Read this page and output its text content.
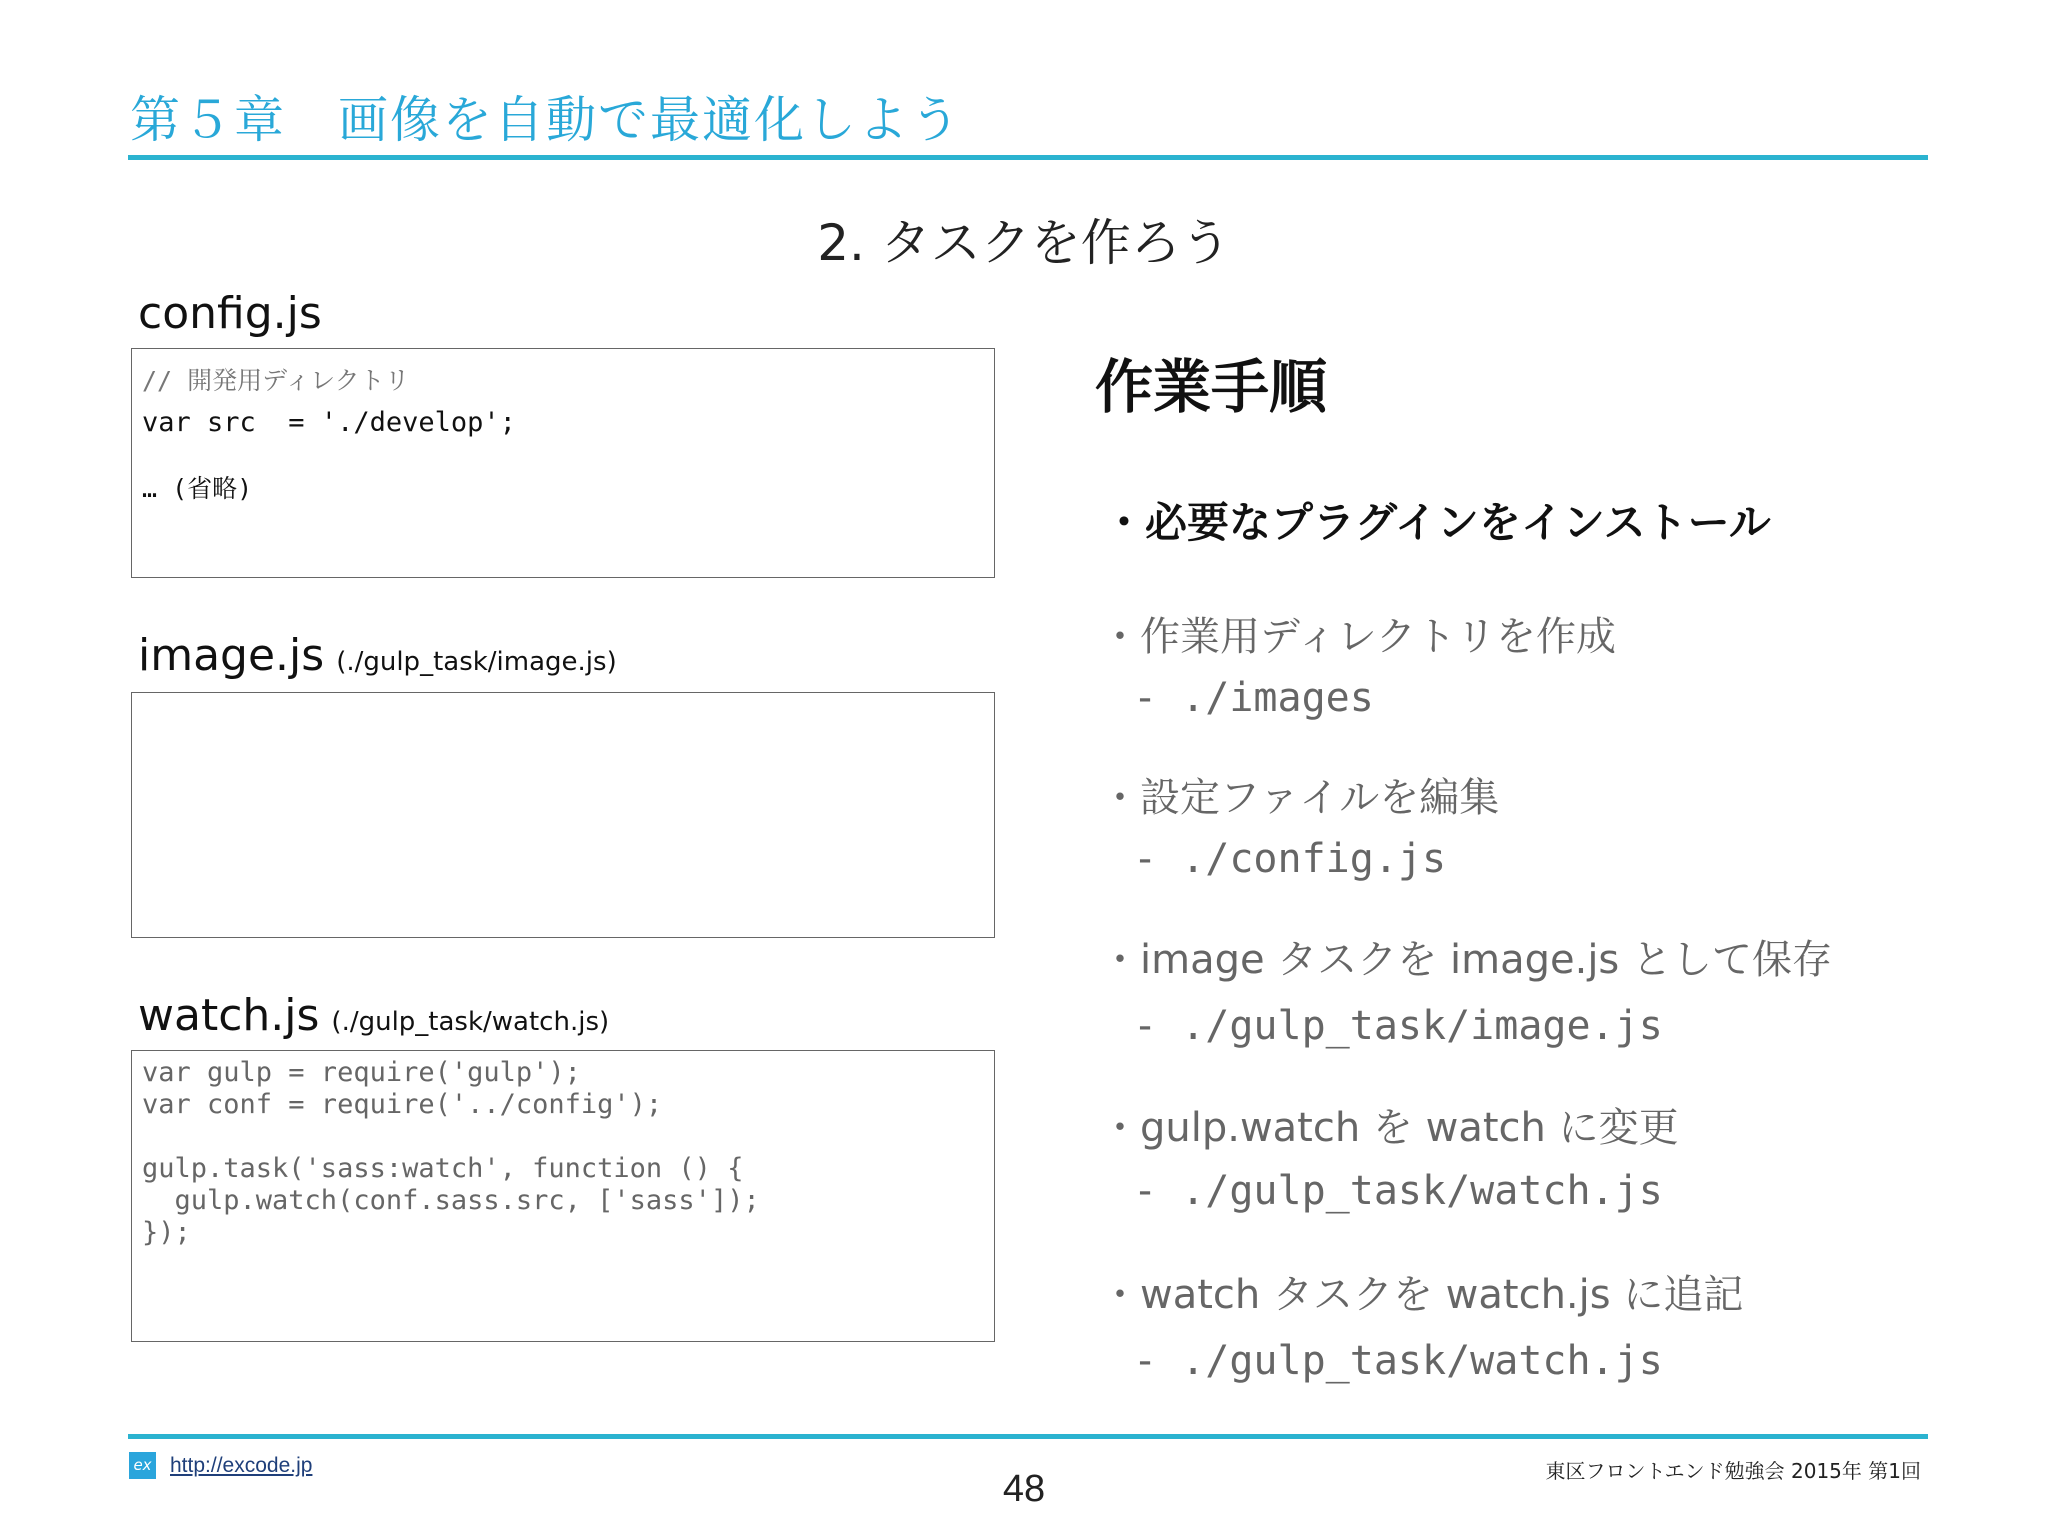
第５章　画像を自動で最適化しよう
2. タスクを作ろう
config.js
// 開発用ディレクトリ
var src  = './develop';
… (省略)
image.js (./gulp_task/image.js)
watch.js (./gulp_task/watch.js)
var gulp = require('gulp');
var conf = require('../config');

gulp.task('sass:watch', function () {
gulp.watch(conf.sass.src, ['sass']);
});
作業手順
・必要なプラグインをインストール
・作業用ディレクトリを作成
- ./images
・設定ファイルを編集
- ./config.js
・image タスクを image.js として保存
- ./gulp_task/image.js
・gulp.watch を watch に変更
- ./gulp_task/watch.js
・watch タスクを watch.js に追記
- ./gulp_task/watch.js
ex http://excode.jp
48	東区フロントエンド勉強会 2015年 第1回
